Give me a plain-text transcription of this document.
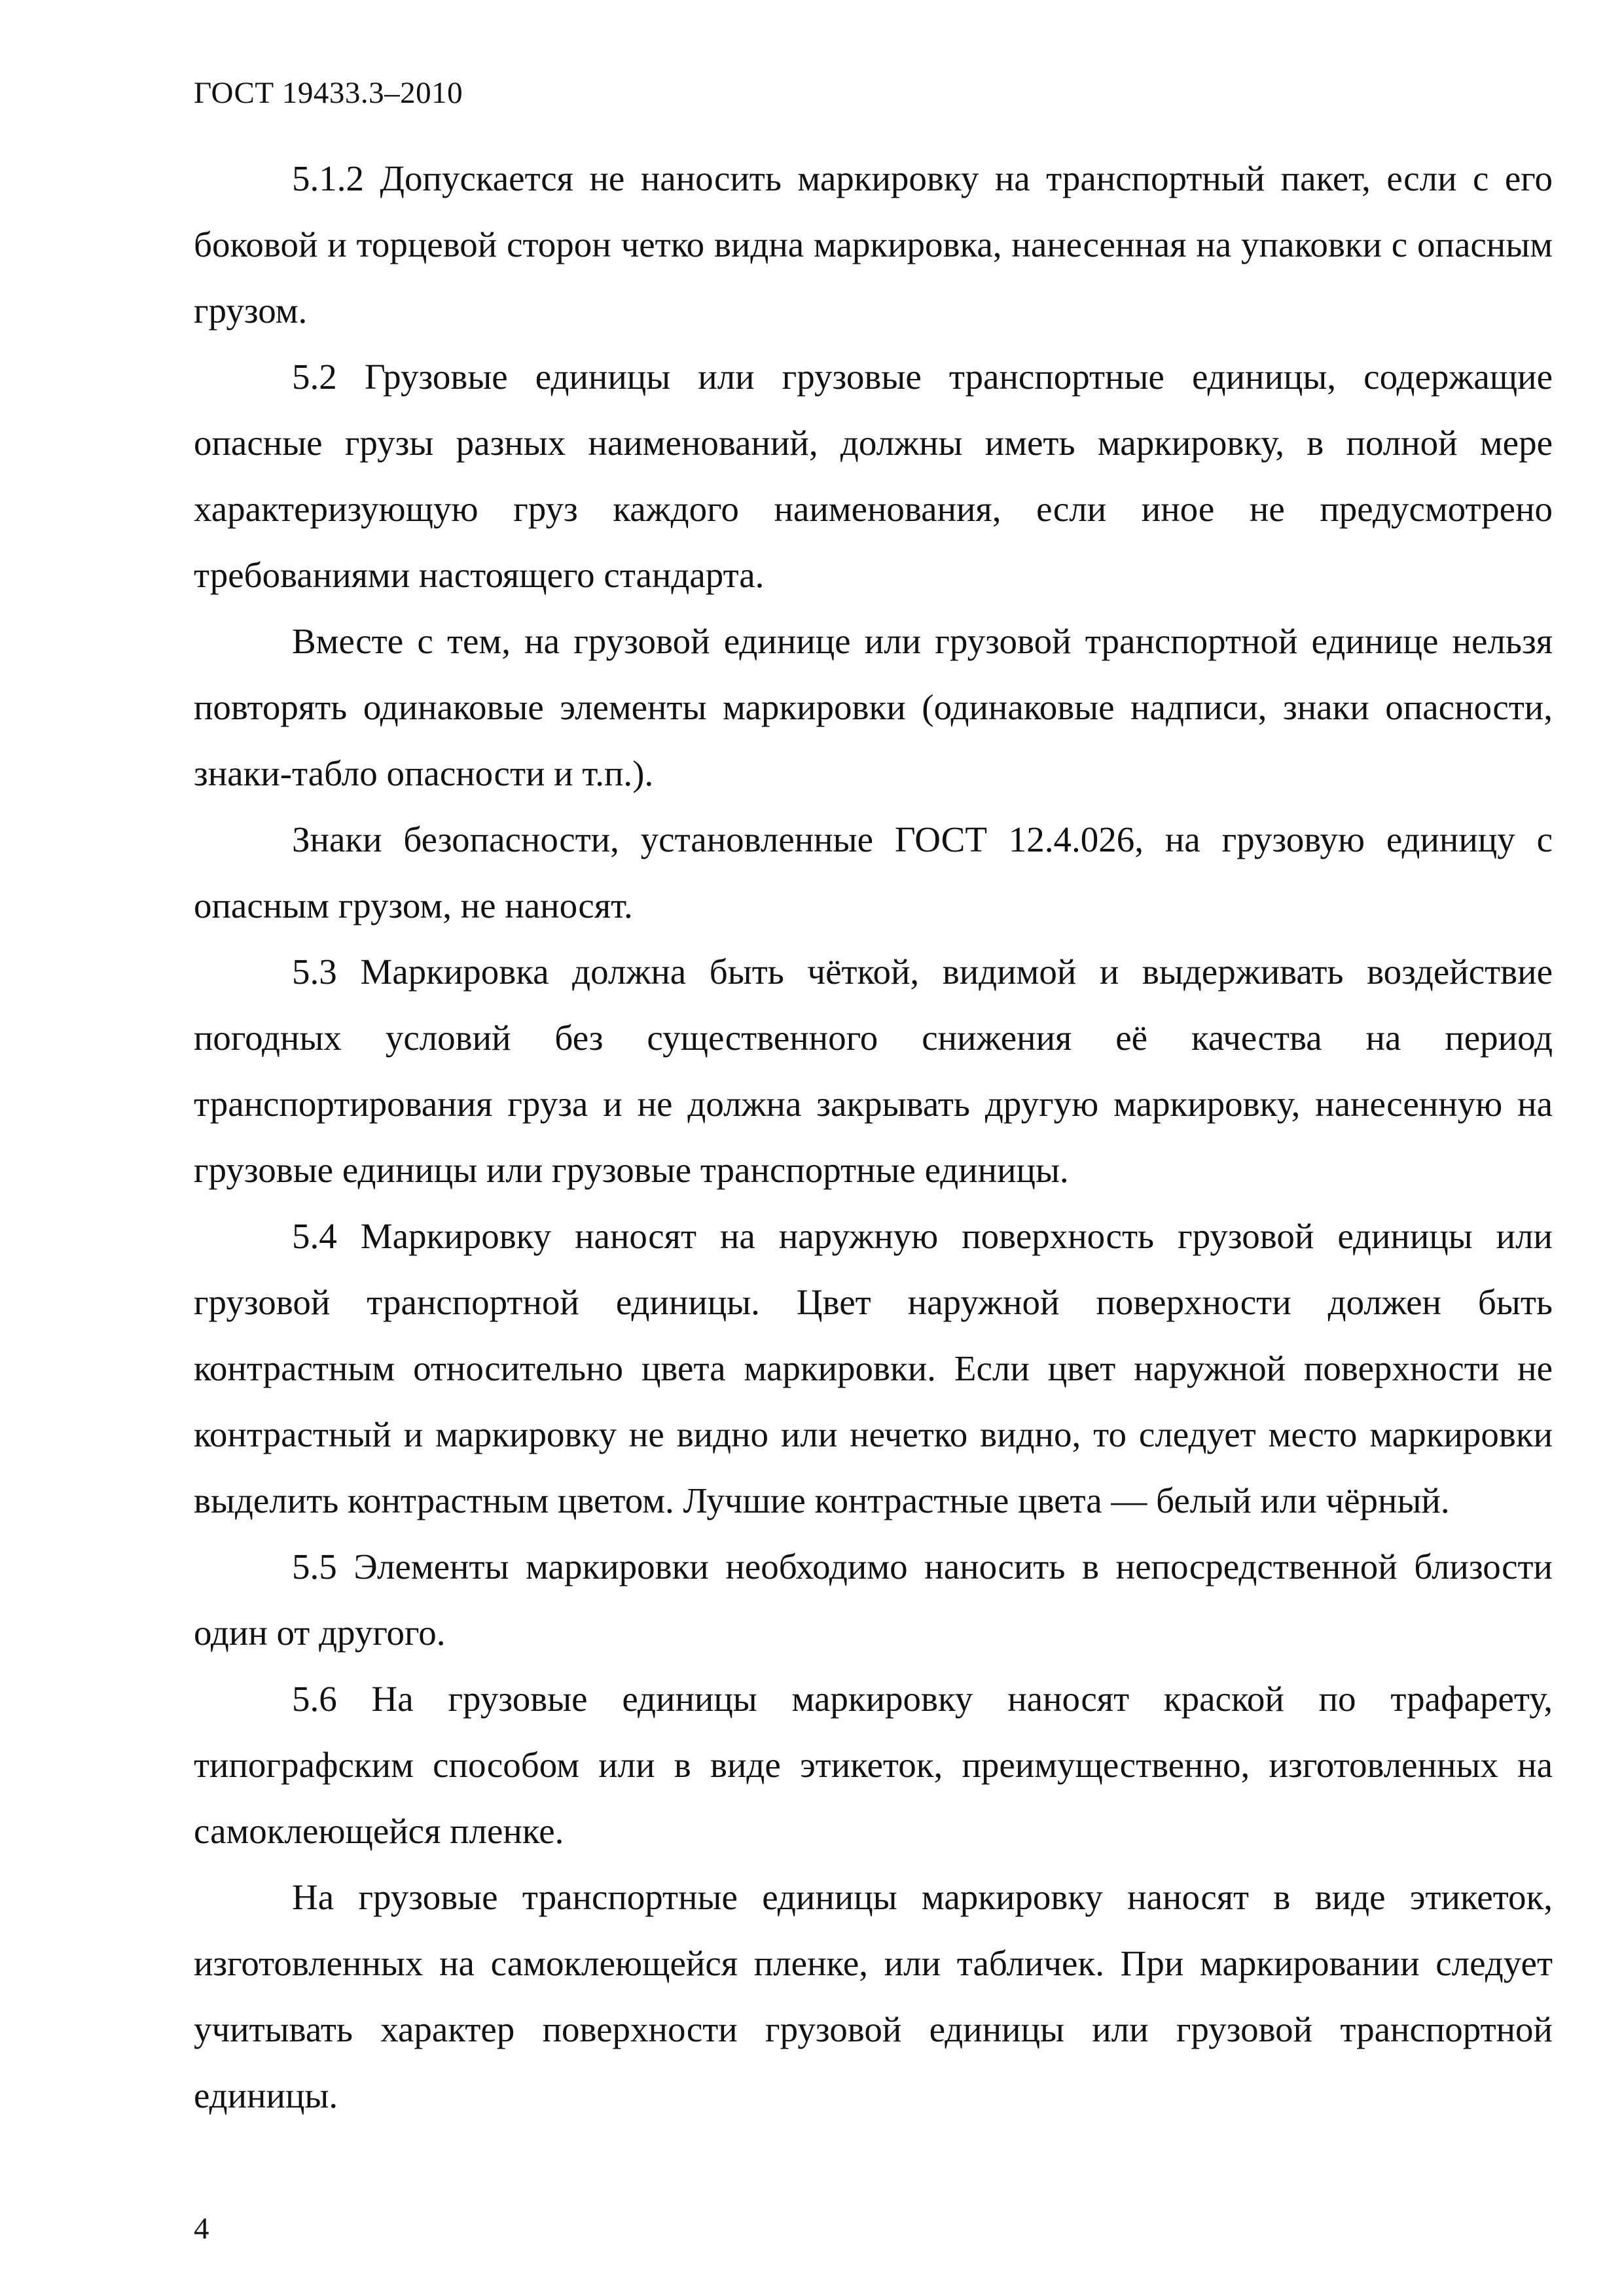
ГОСТ 19433.3–2010

5.1.2 Допускается не наносить маркировку на транспортный пакет, если с его боковой и торцевой сторон четко видна маркировка, нанесенная на упаковки с опасным грузом.

5.2 Грузовые единицы или грузовые транспортные единицы, содержащие опасные грузы разных наименований, должны иметь маркировку, в полной мере характеризующую груз каждого наименования, если иное не предусмотрено требованиями настоящего стандарта.

Вместе с тем, на грузовой единице или грузовой транспортной единице нельзя повторять одинаковые элементы маркировки (одинаковые надписи, знаки опасности, знаки-табло опасности и т.п.).

Знаки безопасности, установленные ГОСТ 12.4.026, на грузовую единицу с опасным грузом, не наносят.

5.3 Маркировка должна быть чёткой, видимой и выдерживать воздействие погодных условий без существенного снижения её качества на период транспортирования груза и не должна закрывать другую маркировку, нанесенную на грузовые единицы или грузовые транспортные единицы.

5.4 Маркировку наносят на наружную поверхность грузовой единицы или грузовой транспортной единицы. Цвет наружной поверхности должен быть контрастным относительно цвета маркировки. Если цвет наружной поверхности не контрастный и маркировку не видно или нечетко видно, то следует место маркировки выделить контрастным цветом. Лучшие контрастные цвета — белый или чёрный.

5.5 Элементы маркировки необходимо наносить в непосредственной близости один от другого.

5.6 На грузовые единицы маркировку наносят краской по трафарету, типографским способом или в виде этикеток, преимущественно, изготовленных на самоклеющейся пленке.

На грузовые транспортные единицы маркировку наносят в виде этикеток, изготовленных на самоклеющейся пленке, или табличек. При маркировании следует учитывать характер поверхности грузовой единицы или грузовой транспортной единицы.

4
